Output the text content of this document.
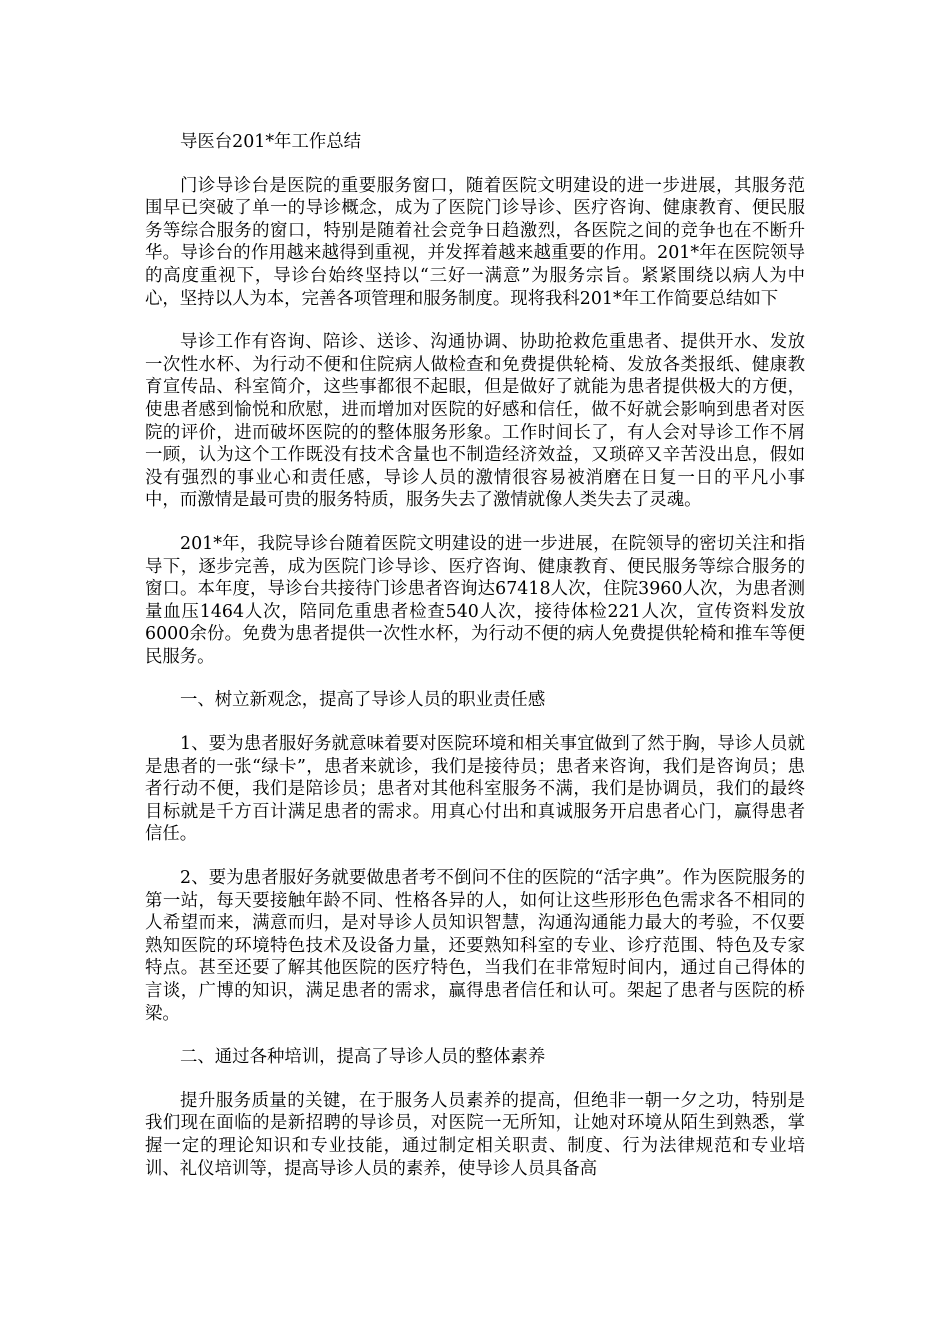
导医台201*年工作总结

门诊导诊台是医院的重要服务窗口，随着医院文明建设的进一步进展，其服务范围早已突破了单一的导诊概念，成为了医院门诊导诊、医疗咨询、健康教育、便民服务等综合服务的窗口，特别是随着社会竞争日趋激烈，各医院之间的竞争也在不断升华。导诊台的作用越来越得到重视，并发挥着越来越重要的作用。201*年在医院领导的高度重视下，导诊台始终坚持以“三好一满意”为服务宗旨。紧紧围绕以病人为中心，坚持以人为本，完善各项管理和服务制度。现将我科201*年工作简要总结如下

导诊工作有咨询、陪诊、送诊、沟通协调、协助抢救危重患者、提供开水、发放一次性水杯、为行动不便和住院病人做检查和免费提供轮椅、发放各类报纸、健康教育宣传品、科室简介，这些事都很不起眼，但是做好了就能为患者提供极大的方便，使患者感到愉悦和欣慰，进而增加对医院的好感和信任，做不好就会影响到患者对医院的评价，进而破坏医院的的整体服务形象。工作时间长了，有人会对导诊工作不屑一顾，认为这个工作既没有技术含量也不制造经济效益，又琐碎又辛苦没出息，假如没有强烈的事业心和责任感，导诊人员的激情很容易被消磨在日复一日的平凡小事中，而激情是最可贵的服务特质，服务失去了激情就像人类失去了灵魂。

201*年，我院导诊台随着医院文明建设的进一步进展，在院领导的密切关注和指导下，逐步完善，成为医院门诊导诊、医疗咨询、健康教育、便民服务等综合服务的窗口。本年度，导诊台共接待门诊患者咨询达67418人次，住院3960人次，为患者测量血压1464人次，陪同危重患者检查540人次，接待体检221人次，宣传资料发放6000余份。免费为患者提供一次性水杯，为行动不便的病人免费提供轮椅和推车等便民服务。

一、树立新观念，提高了导诊人员的职业责任感

1、要为患者服好务就意味着要对医院环境和相关事宜做到了然于胸，导诊人员就是患者的一张“绿卡”，患者来就诊，我们是接待员；患者来咨询，我们是咨询员；患者行动不便，我们是陪诊员；患者对其他科室服务不满，我们是协调员，我们的最终目标就是千方百计满足患者的需求。用真心付出和真诚服务开启患者心门，赢得患者信任。

2、要为患者服好务就要做患者考不倒问不住的医院的“活字典”。作为医院服务的第一站，每天要接触年龄不同、性格各异的人，如何让这些形形色色需求各不相同的人希望而来，满意而归，是对导诊人员知识智慧，沟通沟通能力最大的考验，不仅要熟知医院的环境特色技术及设备力量，还要熟知科室的专业、诊疗范围、特色及专家特点。甚至还要了解其他医院的医疗特色，当我们在非常短时间内，通过自己得体的言谈，广博的知识，满足患者的需求，赢得患者信任和认可。架起了患者与医院的桥梁。

二、通过各种培训，提高了导诊人员的整体素养

提升服务质量的关键，在于服务人员素养的提高，但绝非一朝一夕之功，特别是我们现在面临的是新招聘的导诊员，对医院一无所知，让她对环境从陌生到熟悉，掌握一定的理论知识和专业技能，通过制定相关职责、制度、行为法律规范和专业培训、礼仪培训等，提高导诊人员的素养，使导诊人员具备高
